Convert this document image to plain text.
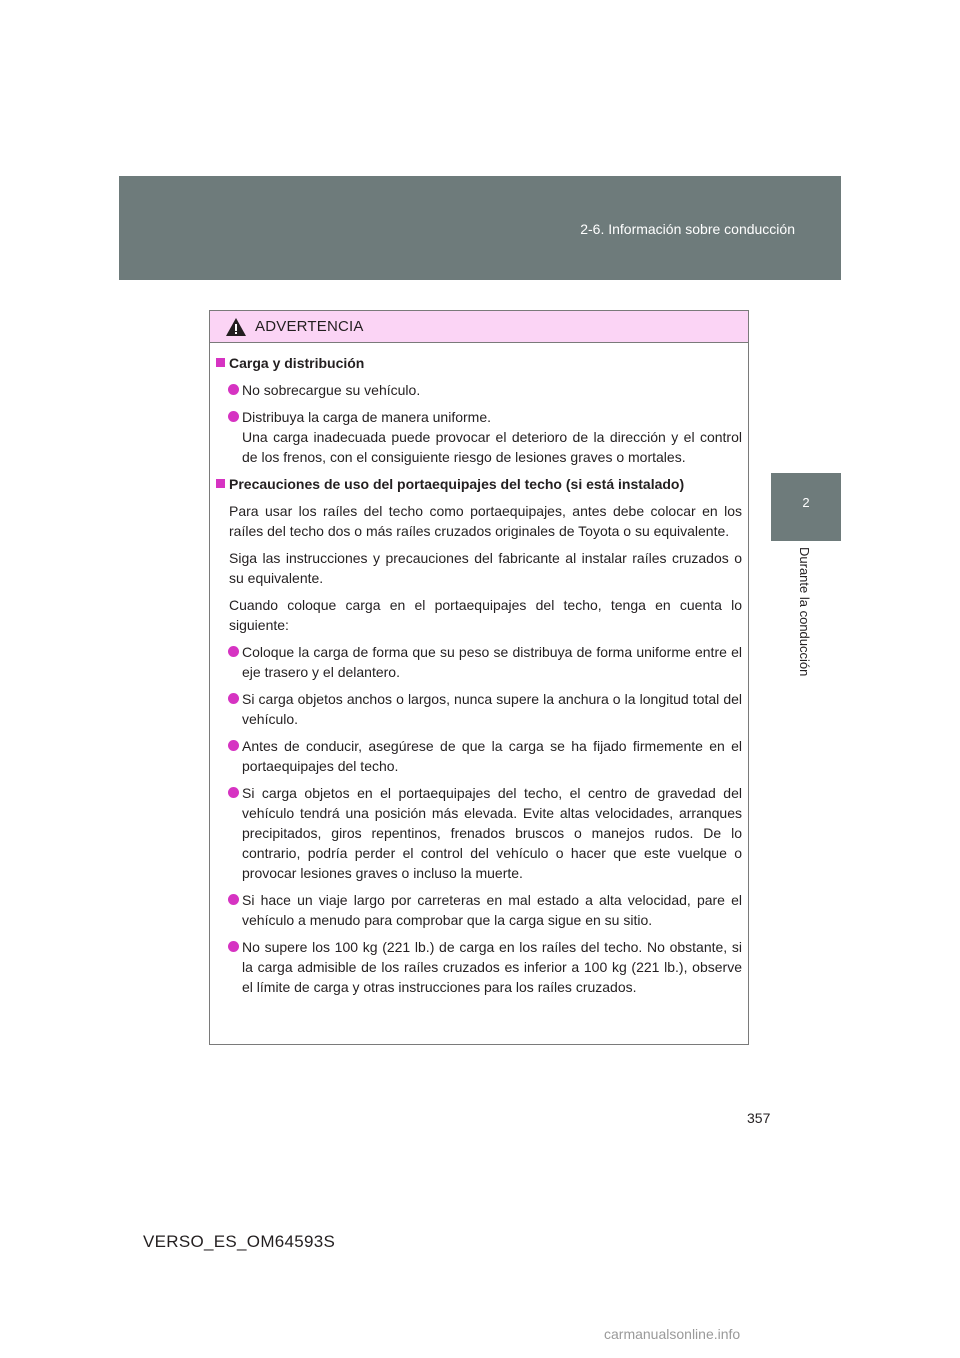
2-6. Información sobre conducción
2
Durante la conducción
ADVERTENCIA
Carga y distribución
No sobrecargue su vehículo.
Distribuya la carga de manera uniforme.
Una carga inadecuada puede provocar el deterioro de la dirección y el control de los frenos, con el consiguiente riesgo de lesiones graves o mortales.
Precauciones de uso del portaequipajes del techo (si está instalado)
Para usar los raíles del techo como portaequipajes, antes debe colocar en los raíles del techo dos o más raíles cruzados originales de Toyota o su equivalente.
Siga las instrucciones y precauciones del fabricante al instalar raíles cruzados o su equivalente.
Cuando coloque carga en el portaequipajes del techo, tenga en cuenta lo siguiente:
Coloque la carga de forma que su peso se distribuya de forma uniforme entre el eje trasero y el delantero.
Si carga objetos anchos o largos, nunca supere la anchura o la longitud total del vehículo.
Antes de conducir, asegúrese de que la carga se ha fijado firmemente en el portaequipajes del techo.
Si carga objetos en el portaequipajes del techo, el centro de gravedad del vehículo tendrá una posición más elevada. Evite altas velocidades, arranques precipitados, giros repentinos, frenados bruscos o manejos rudos. De lo contrario, podría perder el control del vehículo o hacer que este vuelque o provocar lesiones graves o incluso la muerte.
Si hace un viaje largo por carreteras en mal estado a alta velocidad, pare el vehículo a menudo para comprobar que la carga sigue en su sitio.
No supere los 100 kg (221 lb.) de carga en los raíles del techo. No obstante, si la carga admisible de los raíles cruzados es inferior a 100 kg (221 lb.), observe el límite de carga y otras instrucciones para los raíles cruzados.
357
VERSO_ES_OM64593S
carmanualsonline.info
